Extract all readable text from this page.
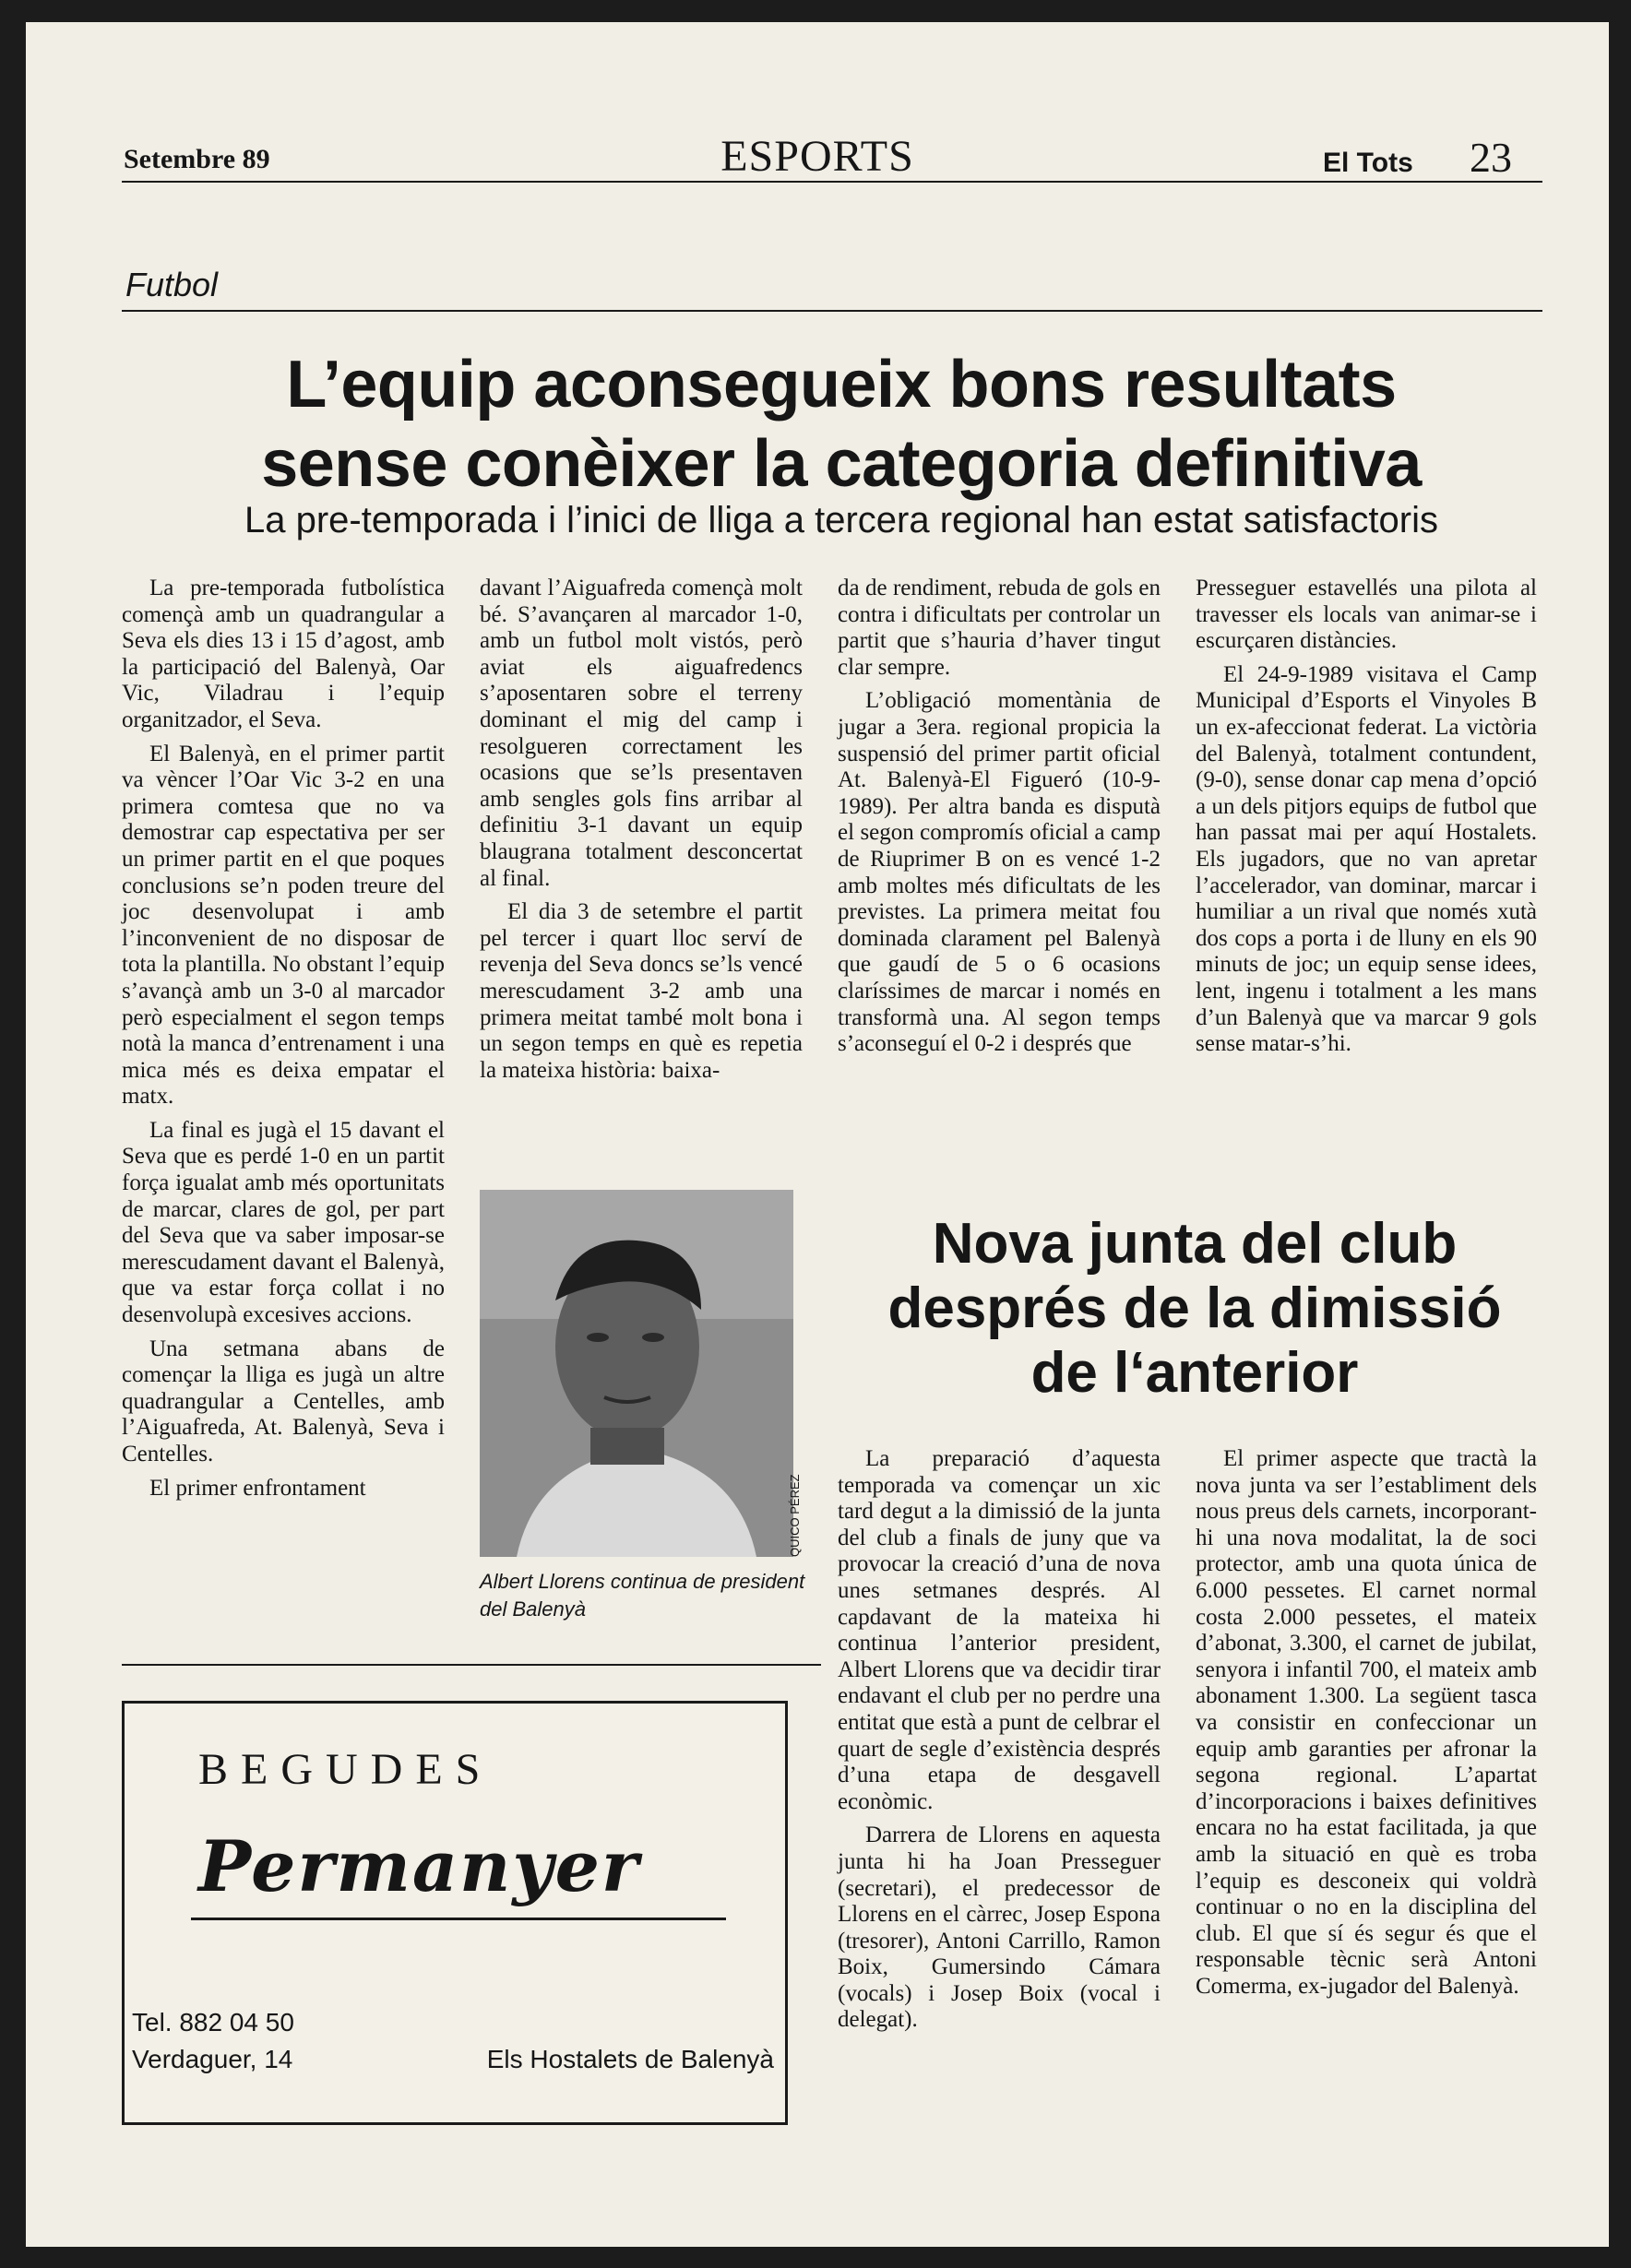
Setembre 89	ESPORTS	El Tots 23
Futbol
L’equip aconsegueix bons resultats
sense conèixer la categoria definitiva
La pre-temporada i l’inici de lliga a tercera regional han estat satisfactoris

La pre-temporada futbolística començà amb un quadrangular a Seva els dies 13 i 15 d’agost, amb la participació del Balenyà, Oar Vic, Viladrau i l’equip organitzador, el Seva.

El Balenyà, en el primer partit va vèncer l’Oar Vic 3-2 en una primera comtesa que no va demostrar cap espectativa per ser un primer partit en el que poques conclusions se’n poden treure del joc desenvolupat i amb l’inconvenient de no disposar de tota la plantilla. No obstant l’equip s’avançà amb un 3-0 al marcador però especialment el segon temps notà la manca d’entrenament i una mica més es deixa empatar el matx.

La final es jugà el 15 davant el Seva que es perdé 1-0 en un partit força igualat amb més oportunitats de marcar, clares de gol, per part del Seva que va saber imposar-se merescudament davant el Balenyà, que va estar força collat i no desenvolupà excesives accions.

Una setmana abans de començar la lliga es jugà un altre quadrangular a Centelles, amb l’Aiguafreda, At. Balenyà, Seva i Centelles.

El primer enfrontament

davant l’Aiguafreda començà molt bé. S’avançaren al marcador 1-0, amb un futbol molt vistós, però aviat els aiguafredencs s’aposentaren sobre el terreny dominant el mig del camp i resolgueren correctament les ocasions que se’ls presentaven amb sengles gols fins arribar al definitiu 3-1 davant un equip blaugrana totalment desconcertat al final.

El dia 3 de setembre el partit pel tercer i quart lloc serví de revenja del Seva doncs se’ls vencé merescudament 3-2 amb una primera meitat també molt bona i un segon temps en què es repetia la mateixa història: baixa-

da de rendiment, rebuda de gols en contra i dificultats per controlar un partit que s’hauria d’haver tingut clar sempre.

L’obligació momentània de jugar a 3era. regional propicia la suspensió del primer partit oficial At. Balenyà-El Figueró (10-9-1989). Per altra banda es disputà el segon compromís oficial a camp de Riuprimer B on es vencé 1-2 amb moltes més dificultats de les previstes. La primera meitat fou dominada clarament pel Balenyà que gaudí de 5 o 6 ocasions claríssimes de marcar i només en transformà una. Al segon temps s’aconseguí el 0-2 i després que

Presseguer estavellés una pilota al travesser els locals van animar-se i escurçaren distàncies.

El 24-9-1989 visitava el Camp Municipal d’Esports el Vinyoles B un ex-afeccionat federat. La victòria del Balenyà, totalment contundent, (9-0), sense donar cap mena d’opció a un dels pitjors equips de futbol que han passat mai per aquí Hostalets. Els jugadors, que no van apretar l’accelerador, van dominar, marcar i humiliar a un rival que només xutà dos cops a porta i de lluny en els 90 minuts de joc; un equip sense idees, lent, ingenu i totalment a les mans d’un Balenyà que va marcar 9 gols sense matar-s’hi.

QUICO PÉREZ
Albert Llorens continua de president del Balenyà
BEGUDES
Permanyer
Tel. 882 04 50
Verdaguer, 14	Els Hostalets de Balenyà
Nova junta del club
després de la dimissió
de l‘anterior

La preparació d’aquesta temporada va començar un xic tard degut a la dimissió de la junta del club a finals de juny que va provocar la creació d’una de nova unes setmanes després. Al capdavant de la mateixa hi continua l’anterior president, Albert Llorens que va decidir tirar endavant el club per no perdre una entitat que està a punt de celbrar el quart de segle d’existència després d’una etapa de desgavell econòmic.

Darrera de Llorens en aquesta junta hi ha Joan Presseguer (secretari), el predecessor de Llorens en el càrrec, Josep Espona (tresorer), Antoni Carrillo, Ramon Boix, Gumersindo Cámara (vocals) i Josep Boix (vocal i delegat).

El primer aspecte que tractà la nova junta va ser l’establiment dels nous preus dels carnets, incorporant-hi una nova modalitat, la de soci protector, amb una quota única de 6.000 pessetes. El carnet normal costa 2.000 pessetes, el mateix d’abonat, 3.300, el carnet de jubilat, senyora i infantil 700, el mateix amb abonament 1.300. La següent tasca va consistir en confeccionar un equip amb garanties per afronar la segona regional. L’apartat d’incorporacions i baixes definitives encara no ha estat facilitada, ja que amb la situació en què es troba l’equip es desconeix qui voldrà continuar o no en la disciplina del club. El que sí és segur és que el responsable tècnic serà Antoni Comerma, ex-jugador del Balenyà.
